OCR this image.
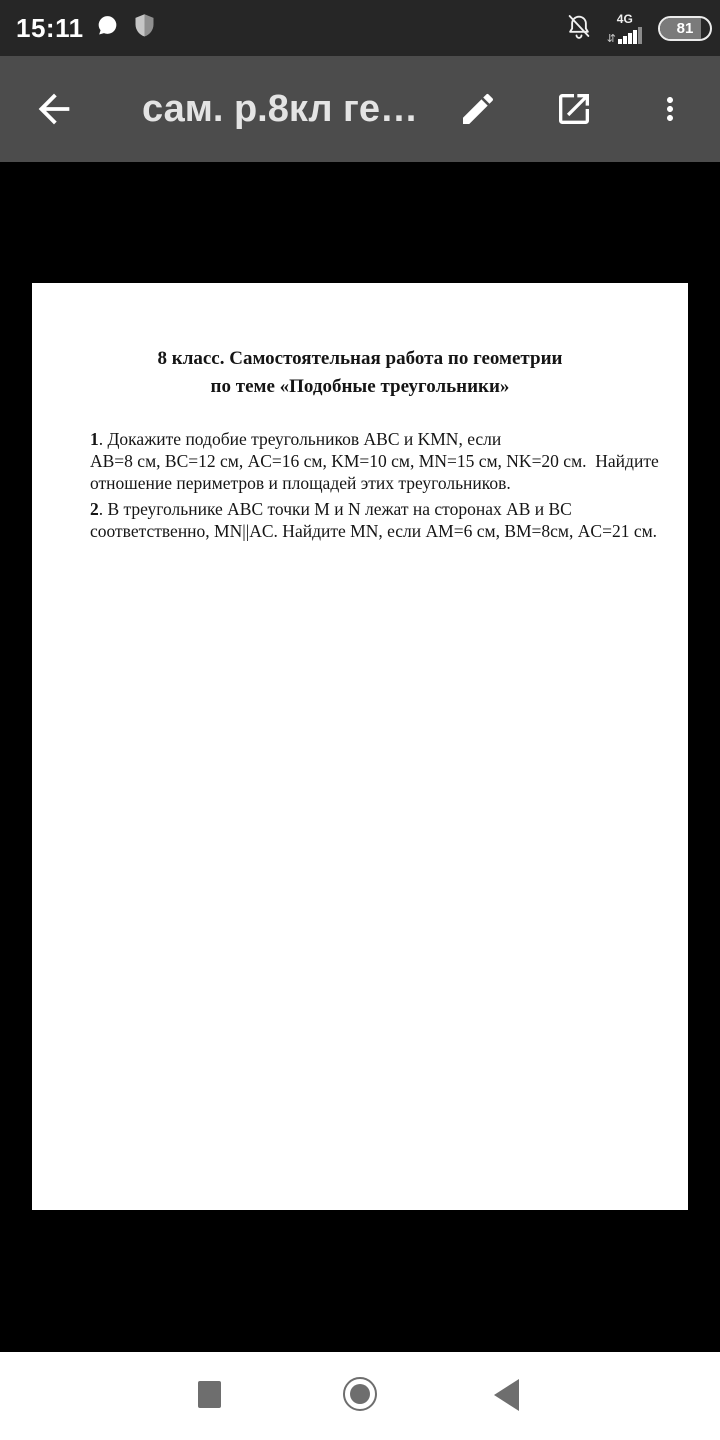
15:11	4G
⇵
81
сам. р.8кл ге…
8 класс. Самостоятельная работа по геометрии
по теме «Подобные треугольники»
1. Докажите подобие треугольников ABC и KMN, если
AB=8 см, BC=12 см, AC=16 см, KM=10 см, MN=15 см, NK=20 см.  Найдите
отношение периметров и площадей этих треугольников.
2. В треугольнике ABC точки M и N лежат на сторонах AB и BC
соответственно, MN||AC. Найдите MN, если AM=6 см, BM=8см, AC=21 см.
